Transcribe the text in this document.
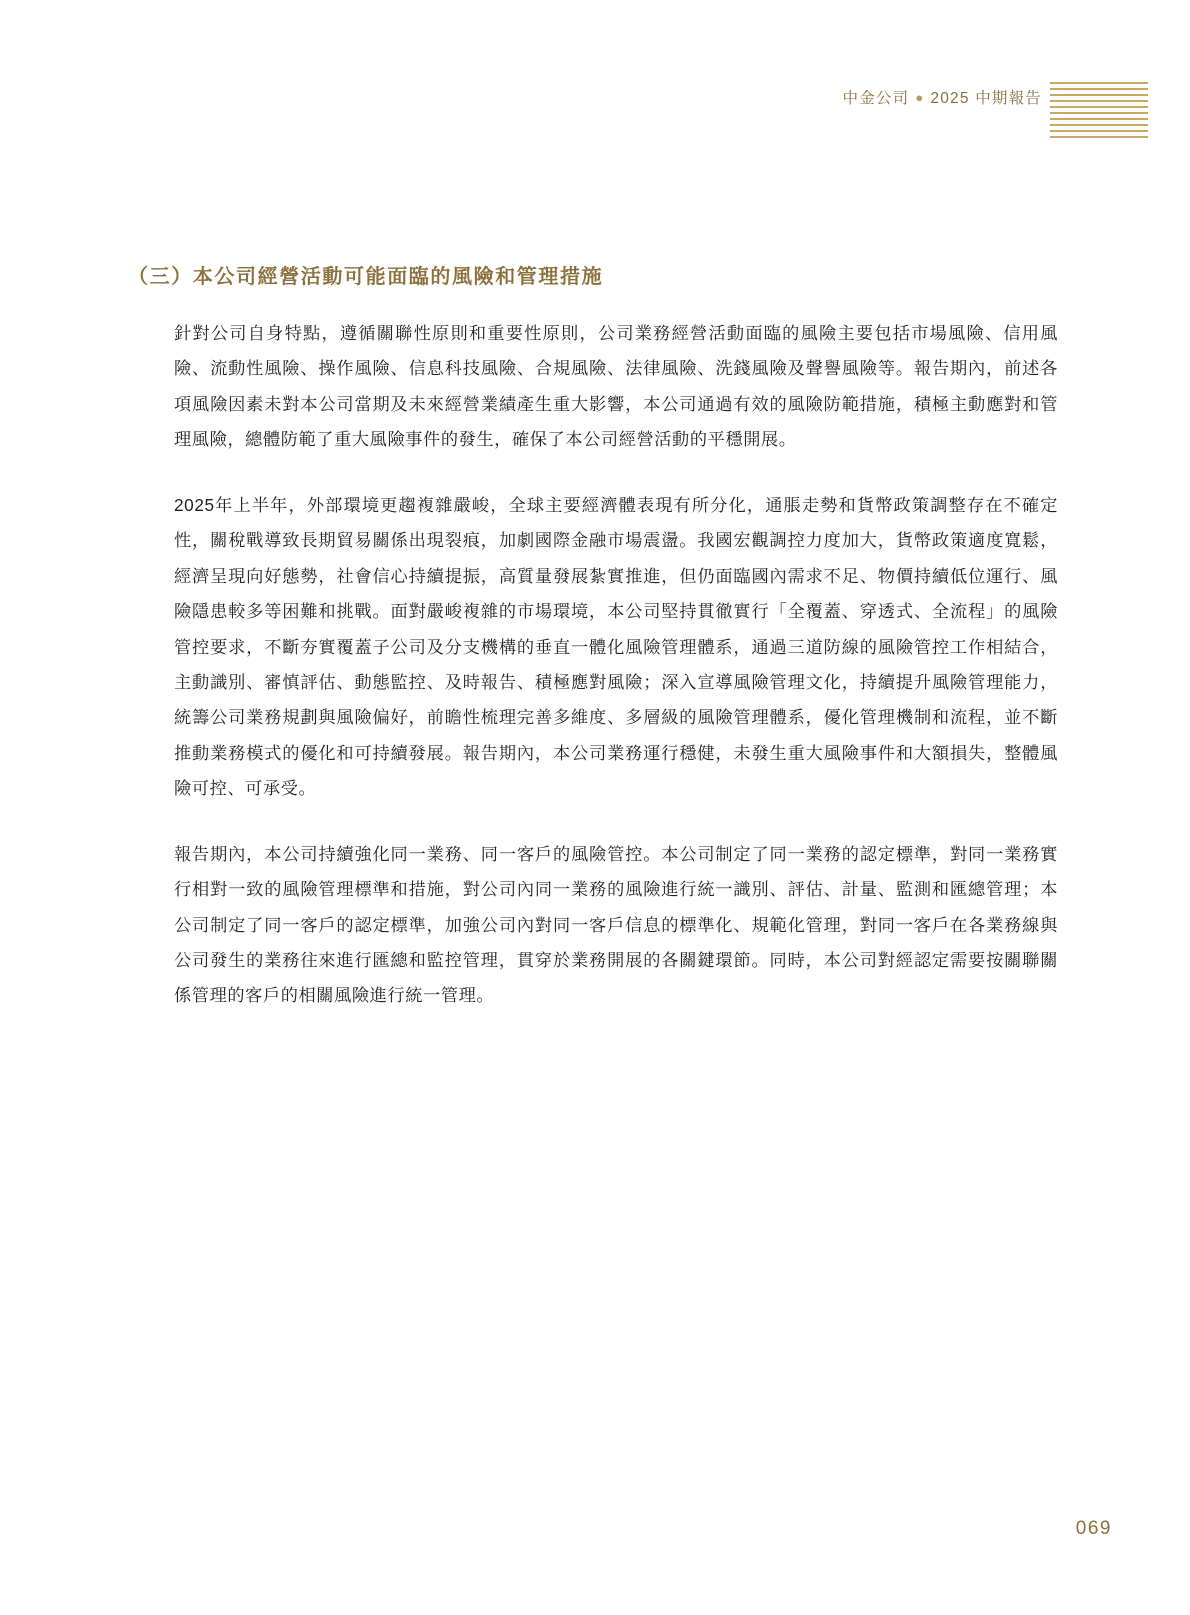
中金公司 ● 2025 中期報告
（三）本公司經營活動可能面臨的風險和管理措施

針對公司自身特點，遵循關聯性原則和重要性原則，公司業務經營活動面臨的風險主要包括市場風險、信用風險、流動性風險、操作風險、信息科技風險、合規風險、法律風險、洗錢風險及聲譽風險等。報告期內，前述各項風險因素未對本公司當期及未來經營業績產生重大影響，本公司通過有效的風險防範措施，積極主動應對和管理風險，總體防範了重大風險事件的發生，確保了本公司經營活動的平穩開展。

2025年上半年，外部環境更趨複雜嚴峻，全球主要經濟體表現有所分化，通脹走勢和貨幣政策調整存在不確定性，關稅戰導致長期貿易關係出現裂痕，加劇國際金融市場震盪。我國宏觀調控力度加大，貨幣政策適度寬鬆，經濟呈現向好態勢，社會信心持續提振，高質量發展紮實推進，但仍面臨國內需求不足、物價持續低位運行、風險隱患較多等困難和挑戰。面對嚴峻複雜的市場環境，本公司堅持貫徹實行「全覆蓋、穿透式、全流程」的風險管控要求，不斷夯實覆蓋子公司及分支機構的垂直一體化風險管理體系，通過三道防線的風險管控工作相結合，主動識別、審慎評估、動態監控、及時報告、積極應對風險；深入宣導風險管理文化，持續提升風險管理能力，統籌公司業務規劃與風險偏好，前瞻性梳理完善多維度、多層級的風險管理體系，優化管理機制和流程，並不斷推動業務模式的優化和可持續發展。報告期內，本公司業務運行穩健，未發生重大風險事件和大額損失，整體風險可控、可承受。

報告期內，本公司持續強化同一業務、同一客戶的風險管控。本公司制定了同一業務的認定標準，對同一業務實行相對一致的風險管理標準和措施，對公司內同一業務的風險進行統一識別、評估、計量、監測和匯總管理；本公司制定了同一客戶的認定標準，加強公司內對同一客戶信息的標準化、規範化管理，對同一客戶在各業務線與公司發生的業務往來進行匯總和監控管理，貫穿於業務開展的各關鍵環節。同時，本公司對經認定需要按關聯關係管理的客戶的相關風險進行統一管理。

069
